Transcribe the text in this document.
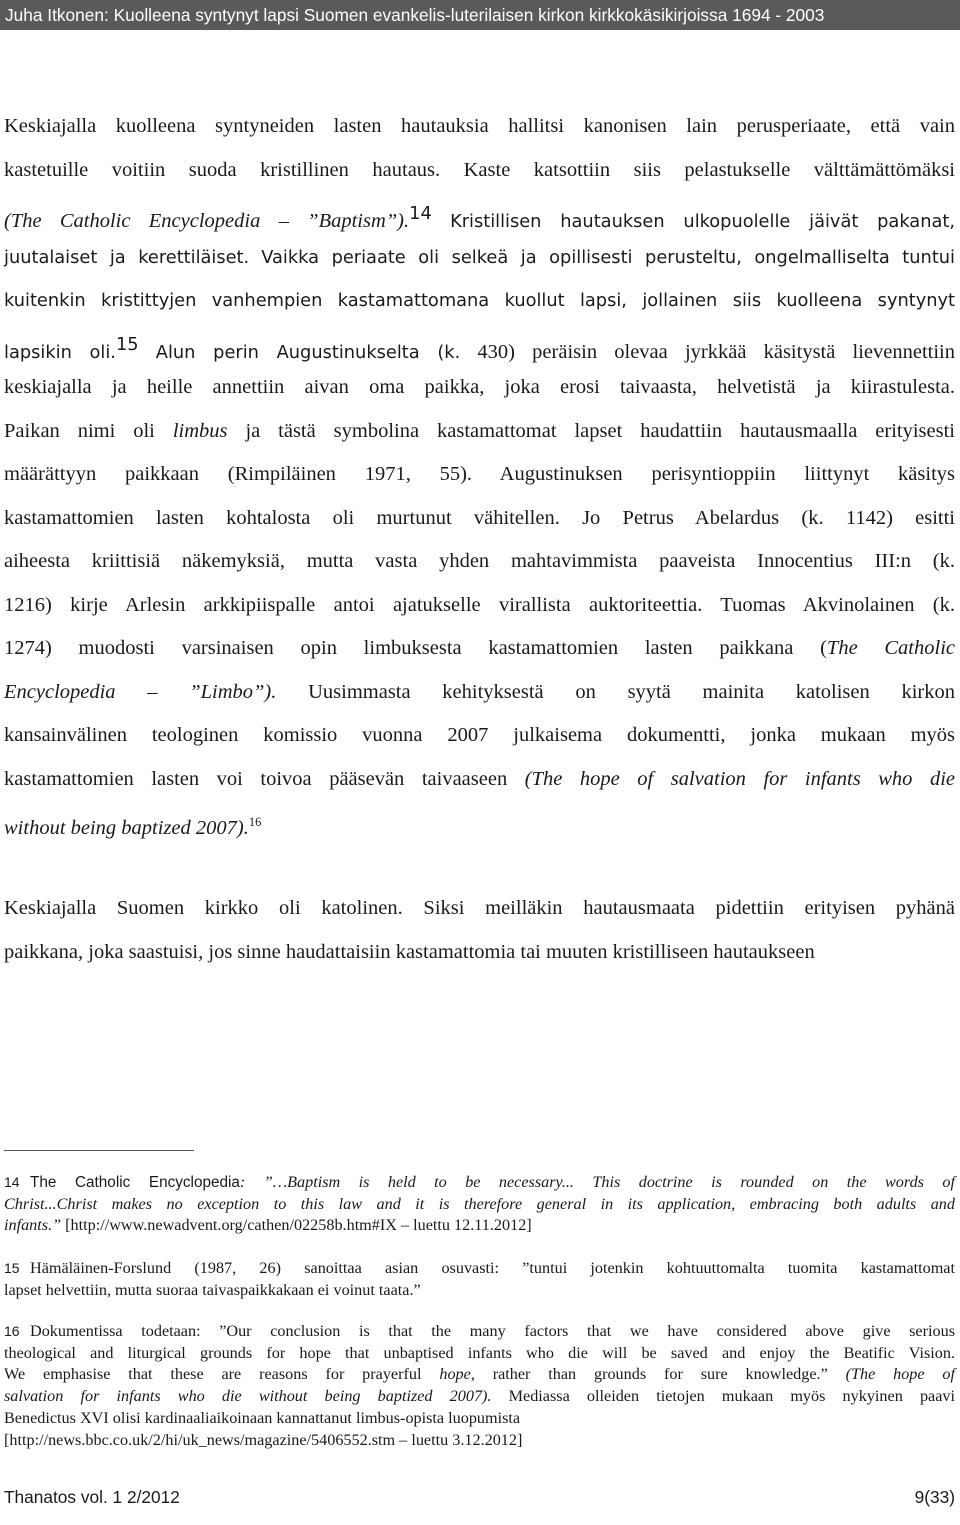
Juha Itkonen: Kuolleena syntynyt lapsi Suomen evankelis-luterilaisen kirkon kirkkokäsikirjoissa 1694 - 2003
Keskiajalla kuolleena syntyneiden lasten hautauksia hallitsi kanonisen lain perusperiaate, että vain
kastetuille voitiin suoda kristillinen hautaus. Kaste katsottiin siis pelastukselle välttämättömäksi
(The Catholic Encyclopedia – ”Baptism”).14 Kristillisen hautauksen ulkopuolelle jäivät pakanat,
juutalaiset ja kerettiläiset. Vaikka periaate oli selkeä ja opillisesti perusteltu, ongelmalliselta tuntui
kuitenkin kristittyjen vanhempien kastamattomana kuollut lapsi, jollainen siis kuolleena syntynyt
lapsikin oli.15 Alun perin Augustinukselta (k. 430) peräisin olevaa jyrkkää käsitystä lievennettiin
keskiajalla ja heille annettiin aivan oma paikka, joka erosi taivaasta, helvetistä ja kiirastulesta.
Paikan nimi oli limbus ja tästä symbolina kastamattomat lapset haudattiin hautausmaalla erityisesti
määrättyyn paikkaan (Rimpiläinen 1971, 55). Augustinuksen perisyntioppiin liittynyt käsitys
kastamattomien lasten kohtalosta oli murtunut vähitellen. Jo Petrus Abelardus (k. 1142) esitti
aiheesta kriittisiä näkemyksiä, mutta vasta yhden mahtavimmista paaveista Innocentius III:n (k.
1216) kirje Arlesin arkkipiispalle antoi ajatukselle virallista auktoriteettia. Tuomas Akvinolainen (k.
1274) muodosti varsinaisen opin limbuksesta kastamattomien lasten paikkana (The Catholic
Encyclopedia – ”Limbo”). Uusimmasta kehityksestä on syytä mainita katolisen kirkon
kansainvälinen teologinen komissio vuonna 2007 julkaisema dokumentti, jonka mukaan myös
kastamattomien lasten voi toivoa pääsevän taivaaseen (The hope of salvation for infants who die
without being baptized 2007).$^{16}$
Keskiajalla Suomen kirkko oli katolinen. Siksi meilläkin hautausmaata pidettiin erityisen pyhänä
paikkana, joka saastuisi, jos sinne haudattaisiin kastamattomia tai muuten kristilliseen hautaukseen
14 The Catholic Encyclopedia: ”…Baptism is held to be necessary... This doctrine is rounded on the words of
Christ...Christ makes no exception to this law and it is therefore general in its application, embracing both adults and
infants.” [http://www.newadvent.org/cathen/02258b.htm#IX – luettu 12.11.2012]
15 Hämäläinen-Forslund (1987, 26) sanoittaa asian osuvasti: ”tuntui jotenkin kohtuuttomalta tuomita kastamattomat
lapset helvettiin, mutta suoraa taivaspaikkakaan ei voinut taata.”
16 Dokumentissa todetaan: ”Our conclusion is that the many factors that we have considered above give serious
theological and liturgical grounds for hope that unbaptised infants who die will be saved and enjoy the Beatific Vision.
We emphasise that these are reasons for prayerful hope, rather than grounds for sure knowledge.” (The hope of
salvation for infants who die without being baptized 2007). Mediassa olleiden tietojen mukaan myös nykyinen paavi
Benedictus XVI olisi kardinaaliaikoinaan kannattanut limbus-opista luopumista
[http://news.bbc.co.uk/2/hi/uk_news/magazine/5406552.stm – luettu 3.12.2012]
Thanatos vol. 1 2/2012	9(33)
